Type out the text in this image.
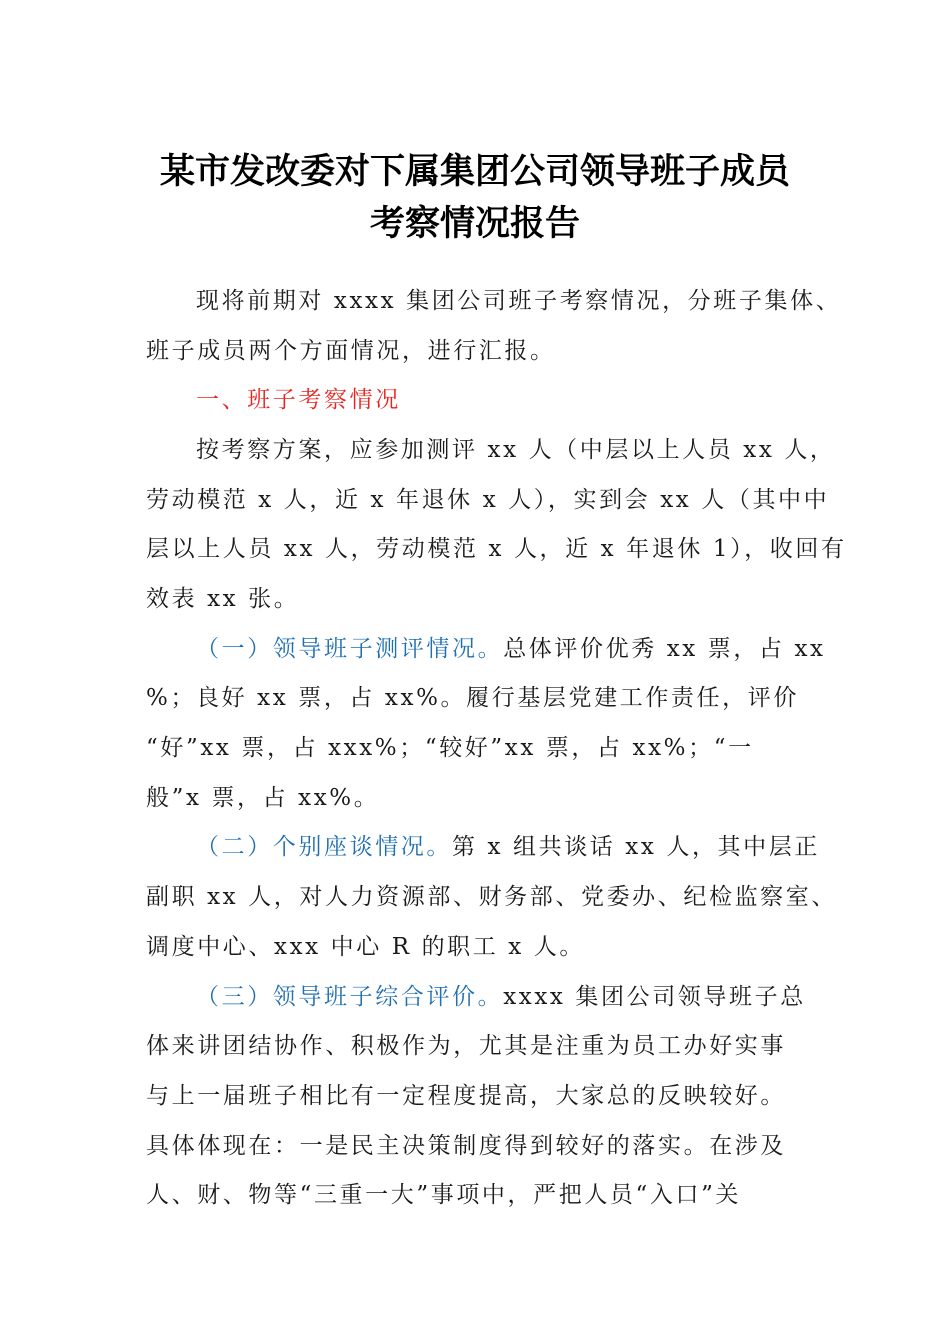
某市发改委对下属集团公司领导班子成员
考察情况报告
现将前期对 xxxx 集团公司班子考察情况，分班子集体、
班子成员两个方面情况，进行汇报。
一、班子考察情况
按考察方案，应参加测评 xx 人（中层以上人员 xx 人，
劳动模范 x 人，近 x 年退休 x 人），实到会 xx 人（其中中
层以上人员 xx 人，劳动模范 x 人，近 x 年退休 1），收回有
效表 xx 张。
（一）领导班子测评情况。总体评价优秀 xx 票，占 xx
%；良好 xx 票，占 xx%。履行基层党建工作责任，评价
“好”xx 票，占 xxx%；“较好”xx 票，占 xx%；“一
般”x 票，占 xx%。
（二）个别座谈情况。第 x 组共谈话 xx 人，其中层正
副职 xx 人，对人力资源部、财务部、党委办、纪检监察室、
调度中心、xxx 中心 R 的职工 x 人。
（三）领导班子综合评价。xxxx 集团公司领导班子总
体来讲团结协作、积极作为，尤其是注重为员工办好实事
与上一届班子相比有一定程度提高，大家总的反映较好。
具体体现在：一是民主决策制度得到较好的落实。在涉及
人、财、物等“三重一大”事项中，严把人员“入口”关
